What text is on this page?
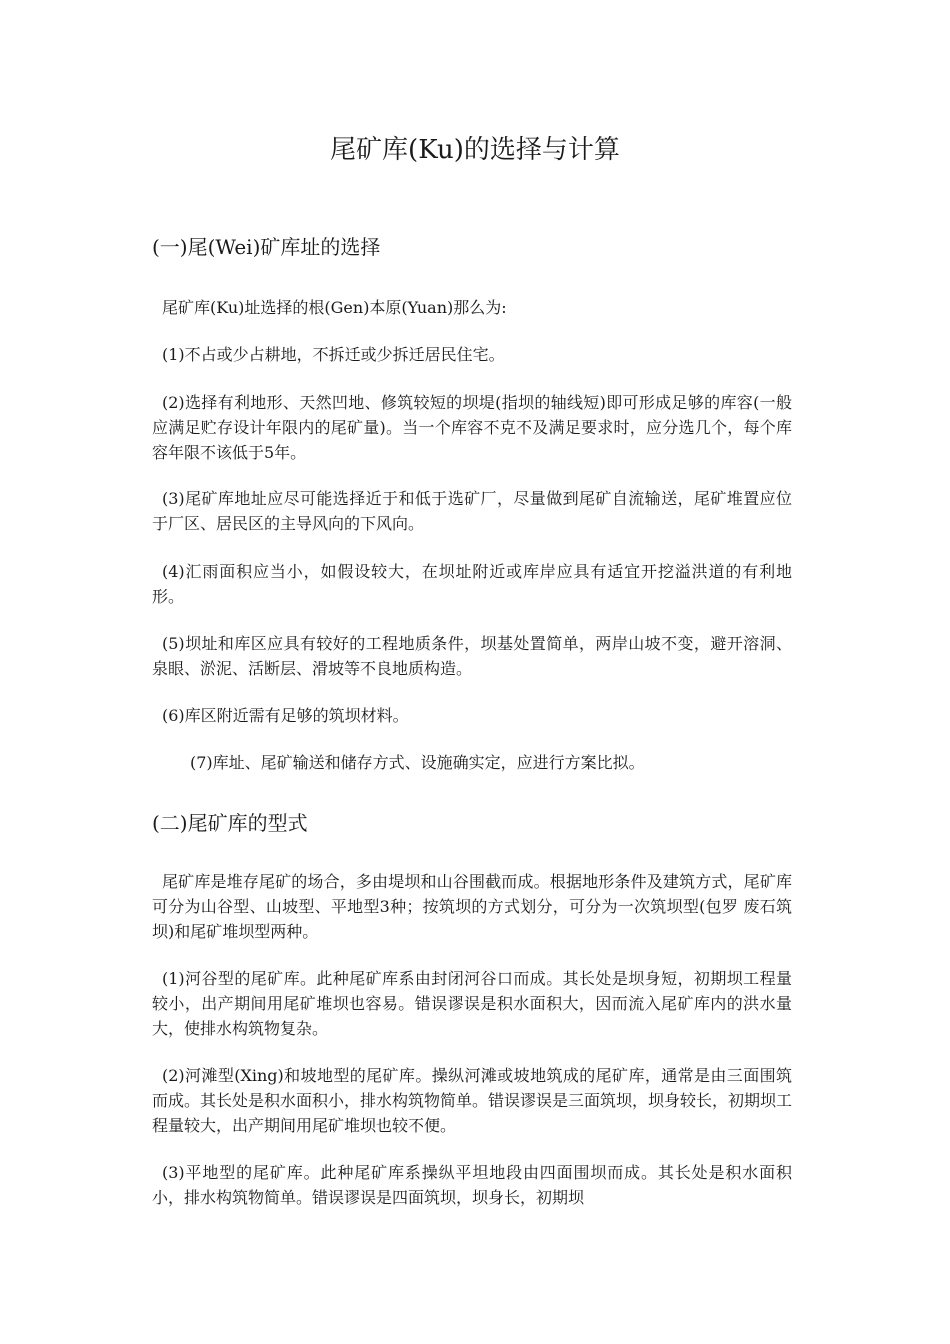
尾矿库(Ku)的选择与计算
(一)尾(Wei)矿库址的选择

尾矿库(Ku)址选择的根(Gen)本原(Yuan)那么为:

(1)不占或少占耕地，不拆迁或少拆迁居民住宅。

(2)选择有利地形、天然凹地、修筑较短的坝堤(指坝的轴线短)即可形成足够的库容(一般应满足贮存设计年限内的尾矿量)。当一个库容不克不及满足要求时，应分选几个，每个库容年限不该低于5年。

(3)尾矿库地址应尽可能选择近于和低于选矿厂，尽量做到尾矿自流输送，尾矿堆置应位于厂区、居民区的主导风向的下风向。

(4)汇雨面积应当小，如假设较大，在坝址附近或库岸应具有适宜开挖溢洪道的有利地形。

(5)坝址和库区应具有较好的工程地质条件，坝基处置简单，两岸山坡不变，避开溶洞、泉眼、淤泥、活断层、滑坡等不良地质构造。

(6)库区附近需有足够的筑坝材料。

(7)库址、尾矿输送和储存方式、设施确实定，应进行方案比拟。

(二)尾矿库的型式

尾矿库是堆存尾矿的场合，多由堤坝和山谷围截而成。根据地形条件及建筑方式，尾矿库可分为山谷型、山坡型、平地型3种；按筑坝的方式划分，可分为一次筑坝型(包罗 废石筑坝)和尾矿堆坝型两种。

(1)河谷型的尾矿库。此种尾矿库系由封闭河谷口而成。其长处是坝身短，初期坝工程量较小，出产期间用尾矿堆坝也容易。错误谬误是积水面积大，因而流入尾矿库内的洪水量大，使排水构筑物复杂。

(2)河滩型(Xing)和坡地型的尾矿库。操纵河滩或坡地筑成的尾矿库，通常是由三面围筑而成。其长处是积水面积小，排水构筑物简单。错误谬误是三面筑坝，坝身较长，初期坝工程量较大，出产期间用尾矿堆坝也较不便。

(3)平地型的尾矿库。此种尾矿库系操纵平坦地段由四面围坝而成。其长处是积水面积小，排水构筑物简单。错误谬误是四面筑坝，坝身长，初期坝
